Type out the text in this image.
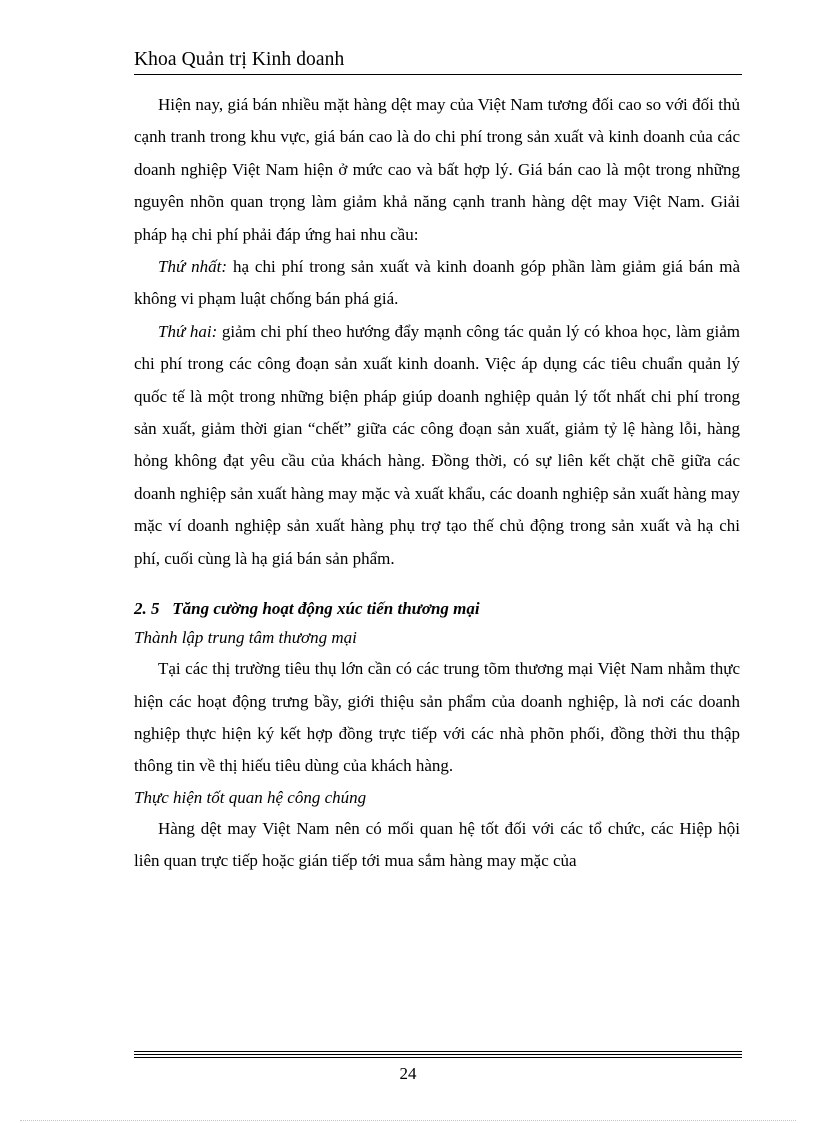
Khoa Quản trị Kinh doanh

Hiện nay, giá bán nhiều mặt hàng dệt may của Việt Nam tương đối cao so với đối thủ cạnh tranh trong khu vực, giá bán cao là do chi phí trong sản xuất và kinh doanh của các doanh nghiệp Việt Nam hiện ở mức cao và bất hợp lý. Giá bán cao là một trong những nguyên nhõn quan trọng làm giảm khả năng cạnh tranh hàng dệt may Việt Nam. Giải pháp hạ chi phí phải đáp ứng hai nhu cầu:

Thứ nhất: hạ chi phí trong sản xuất và kinh doanh góp phần làm giảm giá bán mà không vi phạm luật chống bán phá giá.

Thứ hai: giảm chi phí theo hướng đẩy mạnh công tác quản lý có khoa học, làm giảm chi phí trong các công đoạn sản xuất kinh doanh. Việc áp dụng các tiêu chuẩn quản lý quốc tế là một trong những biện pháp giúp doanh nghiệp quản lý tốt nhất chi phí trong sản xuất, giảm thời gian “chết” giữa các công đoạn sản xuất, giảm tỷ lệ hàng lỗi, hàng hỏng không đạt yêu cầu của khách hàng. Đồng thời, có sự liên kết chặt chẽ giữa các doanh nghiệp sản xuất hàng may mặc và xuất khẩu, các doanh nghiệp sản xuất hàng may mặc ví doanh nghiệp sản xuất hàng phụ trợ tạo thế chủ động trong sản xuất và hạ chi phí, cuối cùng là hạ giá bán sản phẩm.

2. 5   Tăng cường hoạt động xúc tiến thương mại
Thành lập trung tâm thương mại

Tại các thị trường tiêu thụ lớn cần có các trung tõm thương mại Việt Nam nhằm thực hiện các hoạt động trưng bầy, giới thiệu sản phẩm của doanh nghiệp, là nơi các doanh nghiệp thực hiện ký kết hợp đồng trực tiếp với các nhà phõn phối, đồng thời thu thập thông tin về thị hiếu tiêu dùng của khách hàng.

Thực hiện tốt quan hệ công chúng

Hàng dệt may Việt Nam nên có mối quan hệ tốt đối với các tổ chức, các Hiệp hội liên quan trực tiếp hoặc gián tiếp tới mua sắm hàng may mặc của

24
